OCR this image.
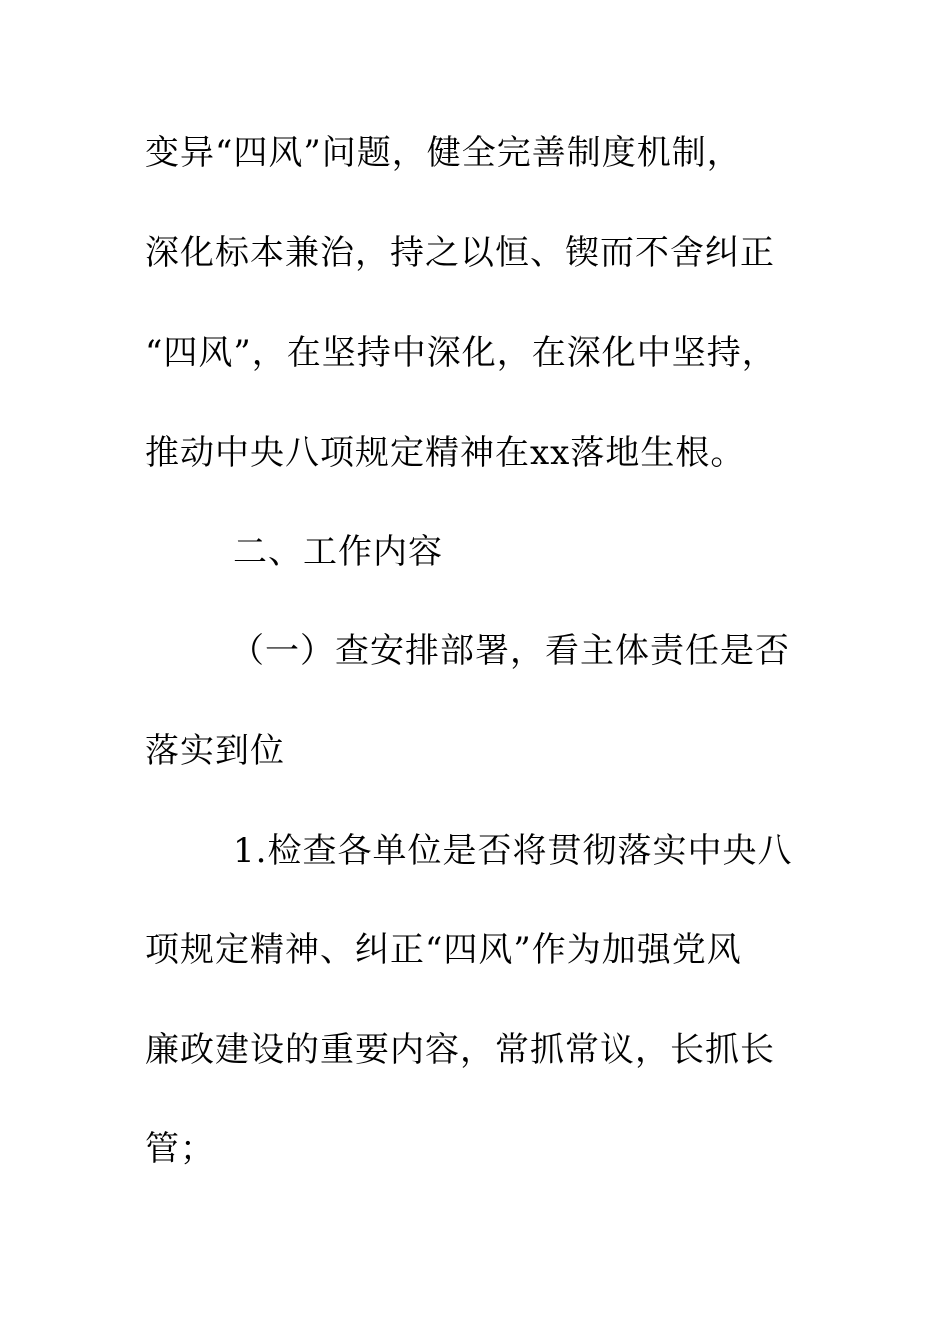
变异“四风”问题，健全完善制度机制，
深化标本兼治，持之以恒、锲而不舍纠正
“四风”，在坚持中深化，在深化中坚持，
推动中央八项规定精神在xx落地生根。
二、工作内容
（一）查安排部署，看主体责任是否
落实到位
1.检查各单位是否将贯彻落实中央八
项规定精神、纠正“四风”作为加强党风
廉政建设的重要内容，常抓常议，长抓长
管；
